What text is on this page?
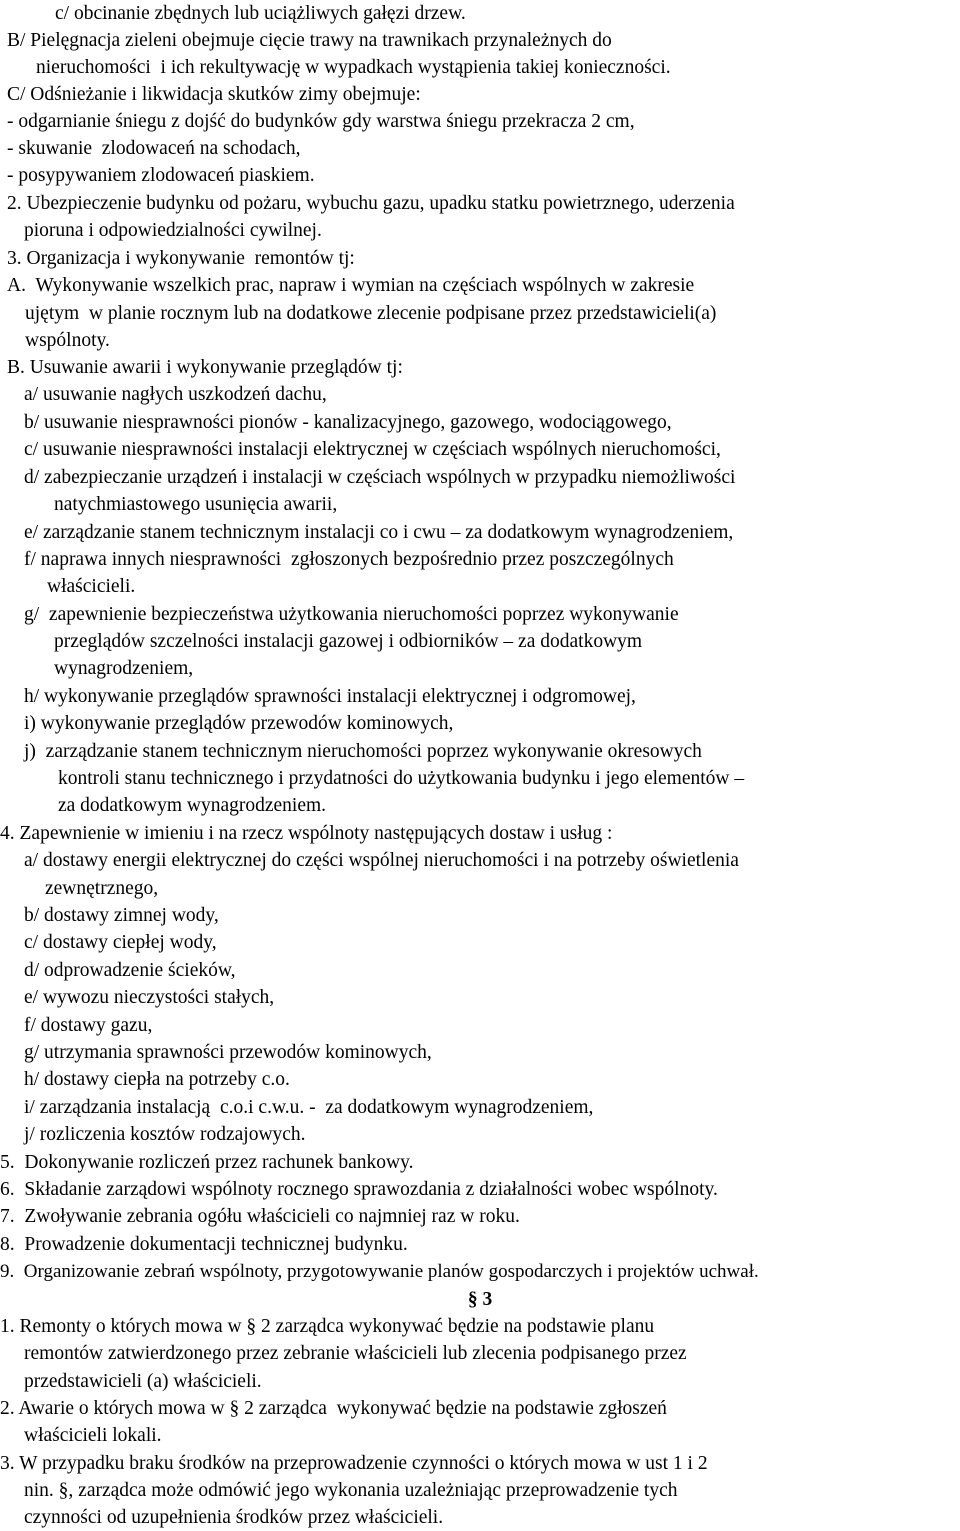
c/ obcinanie zbędnych lub uciążliwych gałęzi drzew.
B/ Pielęgnacja zieleni obejmuje cięcie trawy na trawnikach przynależnych do
nieruchomości  i ich rekultywację w wypadkach wystąpienia takiej konieczności.
C/ Odśnieżanie i likwidacja skutków zimy obejmuje:
- odgarnianie śniegu z dojść do budynków gdy warstwa śniegu przekracza 2 cm,
- skuwanie  zlodowaceń na schodach,
- posypywaniem zlodowaceń piaskiem.
2. Ubezpieczenie budynku od pożaru, wybuchu gazu, upadku statku powietrznego, uderzenia
pioruna i odpowiedzialności cywilnej.
3. Organizacja i wykonywanie  remontów tj:
A.  Wykonywanie wszelkich prac, napraw i wymian na częściach wspólnych w zakresie
ujętym  w planie rocznym lub na dodatkowe zlecenie podpisane przez przedstawicieli(a)
wspólnoty.
B. Usuwanie awarii i wykonywanie przeglądów tj:
a/ usuwanie nagłych uszkodzeń dachu,
b/ usuwanie niesprawności pionów - kanalizacyjnego, gazowego, wodociągowego,
c/ usuwanie niesprawności instalacji elektrycznej w częściach wspólnych nieruchomości,
d/ zabezpieczanie urządzeń i instalacji w częściach wspólnych w przypadku niemożliwości
natychmiastowego usunięcia awarii,
e/ zarządzanie stanem technicznym instalacji co i cwu – za dodatkowym wynagrodzeniem,
f/ naprawa innych niesprawności  zgłoszonych bezpośrednio przez poszczególnych
właścicieli.
g/  zapewnienie bezpieczeństwa użytkowania nieruchomości poprzez wykonywanie
przeglądów szczelności instalacji gazowej i odbiorników – za dodatkowym
wynagrodzeniem,
h/ wykonywanie przeglądów sprawności instalacji elektrycznej i odgromowej,
i) wykonywanie przeglądów przewodów kominowych,
j)  zarządzanie stanem technicznym nieruchomości poprzez wykonywanie okresowych
kontroli stanu technicznego i przydatności do użytkowania budynku i jego elementów –
za dodatkowym wynagrodzeniem.
4. Zapewnienie w imieniu i na rzecz wspólnoty następujących dostaw i usług :
a/ dostawy energii elektrycznej do części wspólnej nieruchomości i na potrzeby oświetlenia
zewnętrznego,
b/ dostawy zimnej wody,
c/ dostawy ciepłej wody,
d/ odprowadzenie ścieków,
e/ wywozu nieczystości stałych,
f/ dostawy gazu,
g/ utrzymania sprawności przewodów kominowych,
h/ dostawy ciepła na potrzeby c.o.
i/ zarządzania instalacją  c.o.i c.w.u. -  za dodatkowym wynagrodzeniem,
j/ rozliczenia kosztów rodzajowych.
5.  Dokonywanie rozliczeń przez rachunek bankowy.
6.  Składanie zarządowi wspólnoty rocznego sprawozdania z działalności wobec wspólnoty.
7.  Zwoływanie zebrania ogółu właścicieli co najmniej raz w roku.
8.  Prowadzenie dokumentacji technicznej budynku.
9.  Organizowanie zebrań wspólnoty, przygotowywanie planów gospodarczych i projektów uchwał.
§ 3
1. Remonty o których mowa w § 2 zarządca wykonywać będzie na podstawie planu
remontów zatwierdzonego przez zebranie właścicieli lub zlecenia podpisanego przez
przedstawicieli (a) właścicieli.
2. Awarie o których mowa w § 2 zarządca  wykonywać będzie na podstawie zgłoszeń
właścicieli lokali.
3. W przypadku braku środków na przeprowadzenie czynności o których mowa w ust 1 i 2
nin. §, zarządca może odmówić jego wykonania uzależniając przeprowadzenie tych
czynności od uzupełnienia środków przez właścicieli.
